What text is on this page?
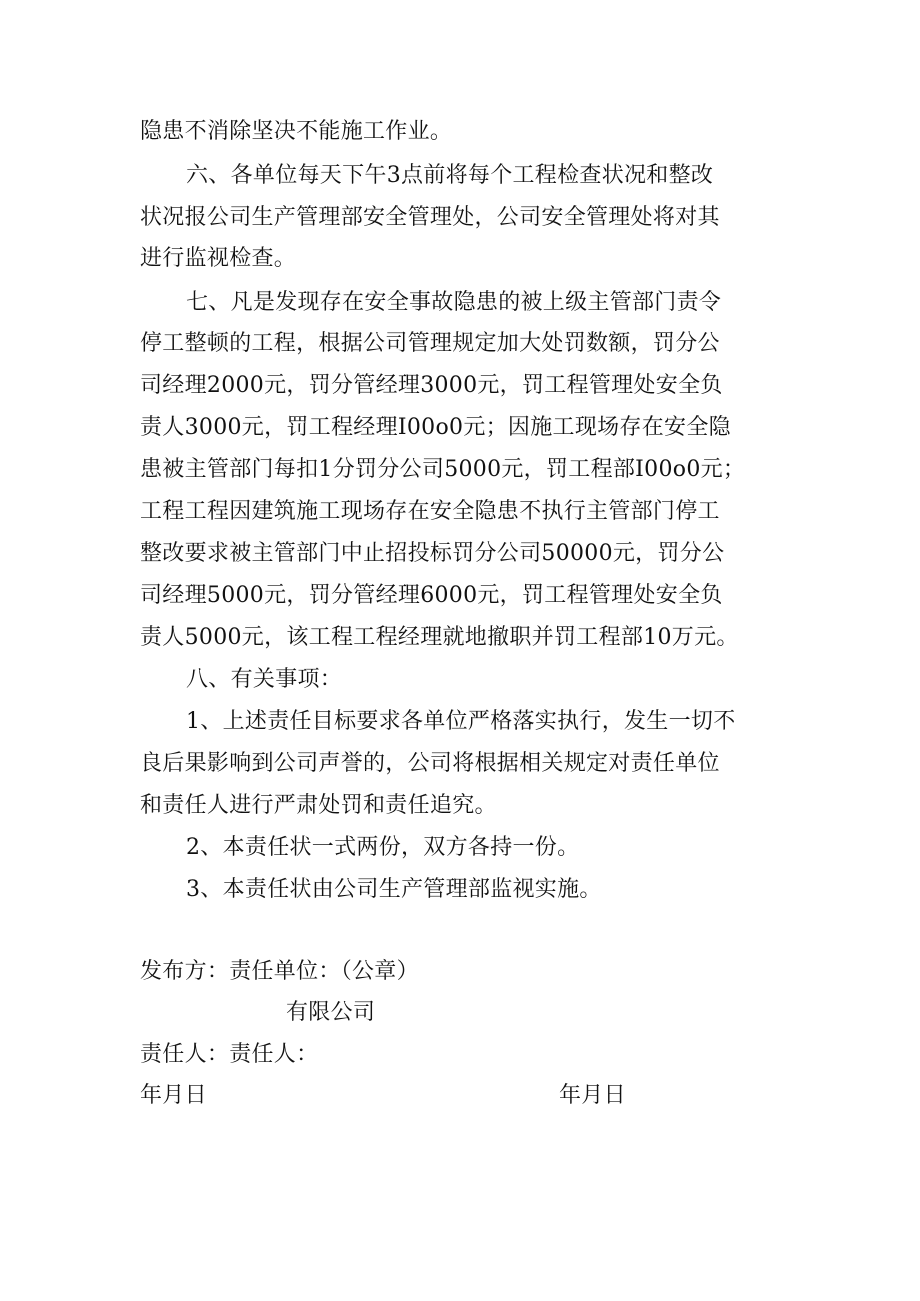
隐患不消除坚决不能施工作业。
六、各单位每天下午3点前将每个工程检查状况和整改
状况报公司生产管理部安全管理处，公司安全管理处将对其
进行监视检查。
七、凡是发现存在安全事故隐患的被上级主管部门责令
停工整顿的工程，根据公司管理规定加大处罚数额，罚分公
司经理2000元，罚分管经理3000元，罚工程管理处安全负
责人3000元，罚工程经理I00o0元；因施工现场存在安全隐
患被主管部门每扣1分罚分公司5000元，罚工程部I00o0元；
工程工程因建筑施工现场存在安全隐患不执行主管部门停工
整改要求被主管部门中止招投标罚分公司50000元，罚分公
司经理5000元，罚分管经理6000元，罚工程管理处安全负
责人5000元，该工程工程经理就地撤职并罚工程部10万元。
八、有关事项：
1、上述责任目标要求各单位严格落实执行，发生一切不
良后果影响到公司声誉的，公司将根据相关规定对责任单位
和责任人进行严肃处罚和责任追究。
2、本责任状一式两份，双方各持一份。
3、本责任状由公司生产管理部监视实施。
发布方：责任单位：（公章）
有限公司
责任人：责任人：
年月日	年月日
